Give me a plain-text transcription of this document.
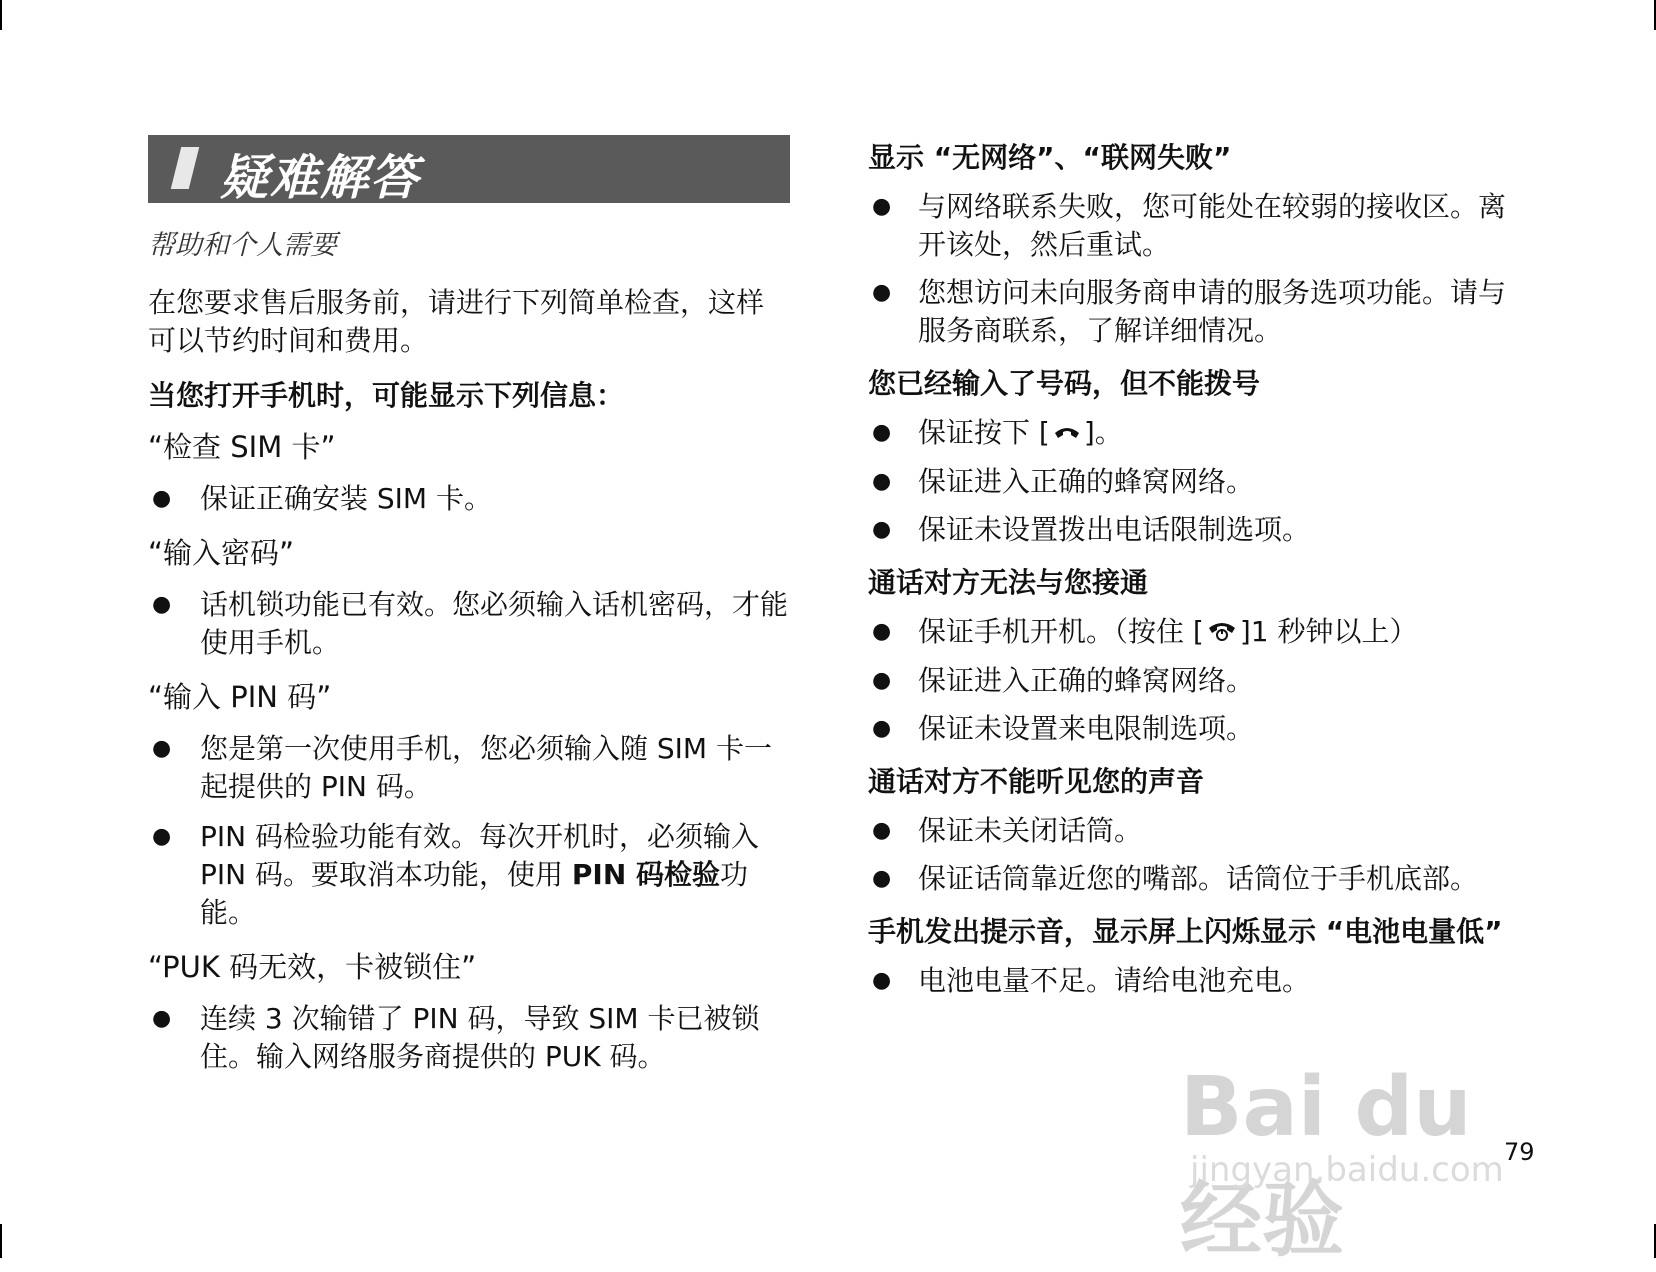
疑难解答

帮助和个人需要

在您要求售后服务前，请进行下列简单检查，这样可以节约时间和费用。

当您打开手机时，可能显示下列信息：

“检查 SIM 卡”

● 保证正确安装 SIM 卡。

“输入密码”

● 话机锁功能已有效。您必须输入话机密码，才能使用手机。

“输入 PIN 码”

● 您是第一次使用手机，您必须输入随 SIM 卡一起提供的 PIN 码。
● PIN 码检验功能有效。每次开机时，必须输入 PIN 码。要取消本功能，使用 PIN 码检验功能。

“PUK 码无效，卡被锁住”

● 连续 3 次输错了 PIN 码，导致 SIM 卡已被锁住。输入网络服务商提供的 PUK 码。

显示 “无网络”、“联网失败”

● 与网络联系失败，您可能处在较弱的接收区。离开该处，然后重试。
● 您想访问未向服务商申请的服务选项功能。请与服务商联系，了解详细情况。

您已经输入了号码，但不能拨号

● 保证按下 [ ]。
● 保证进入正确的蜂窝网络。
● 保证未设置拨出电话限制选项。

通话对方无法与您接通

● 保证手机开机。（按住 [ ]1 秒钟以上）
● 保证进入正确的蜂窝网络。
● 保证未设置来电限制选项。

通话对方不能听见您的声音

● 保证未关闭话筒。
● 保证话筒靠近您的嘴部。话筒位于手机底部。

手机发出提示音，显示屏上闪烁显示 “电池电量低”

● 电池电量不足。请给电池充电。
79
Bai du 经验
jingyan.baidu.com
